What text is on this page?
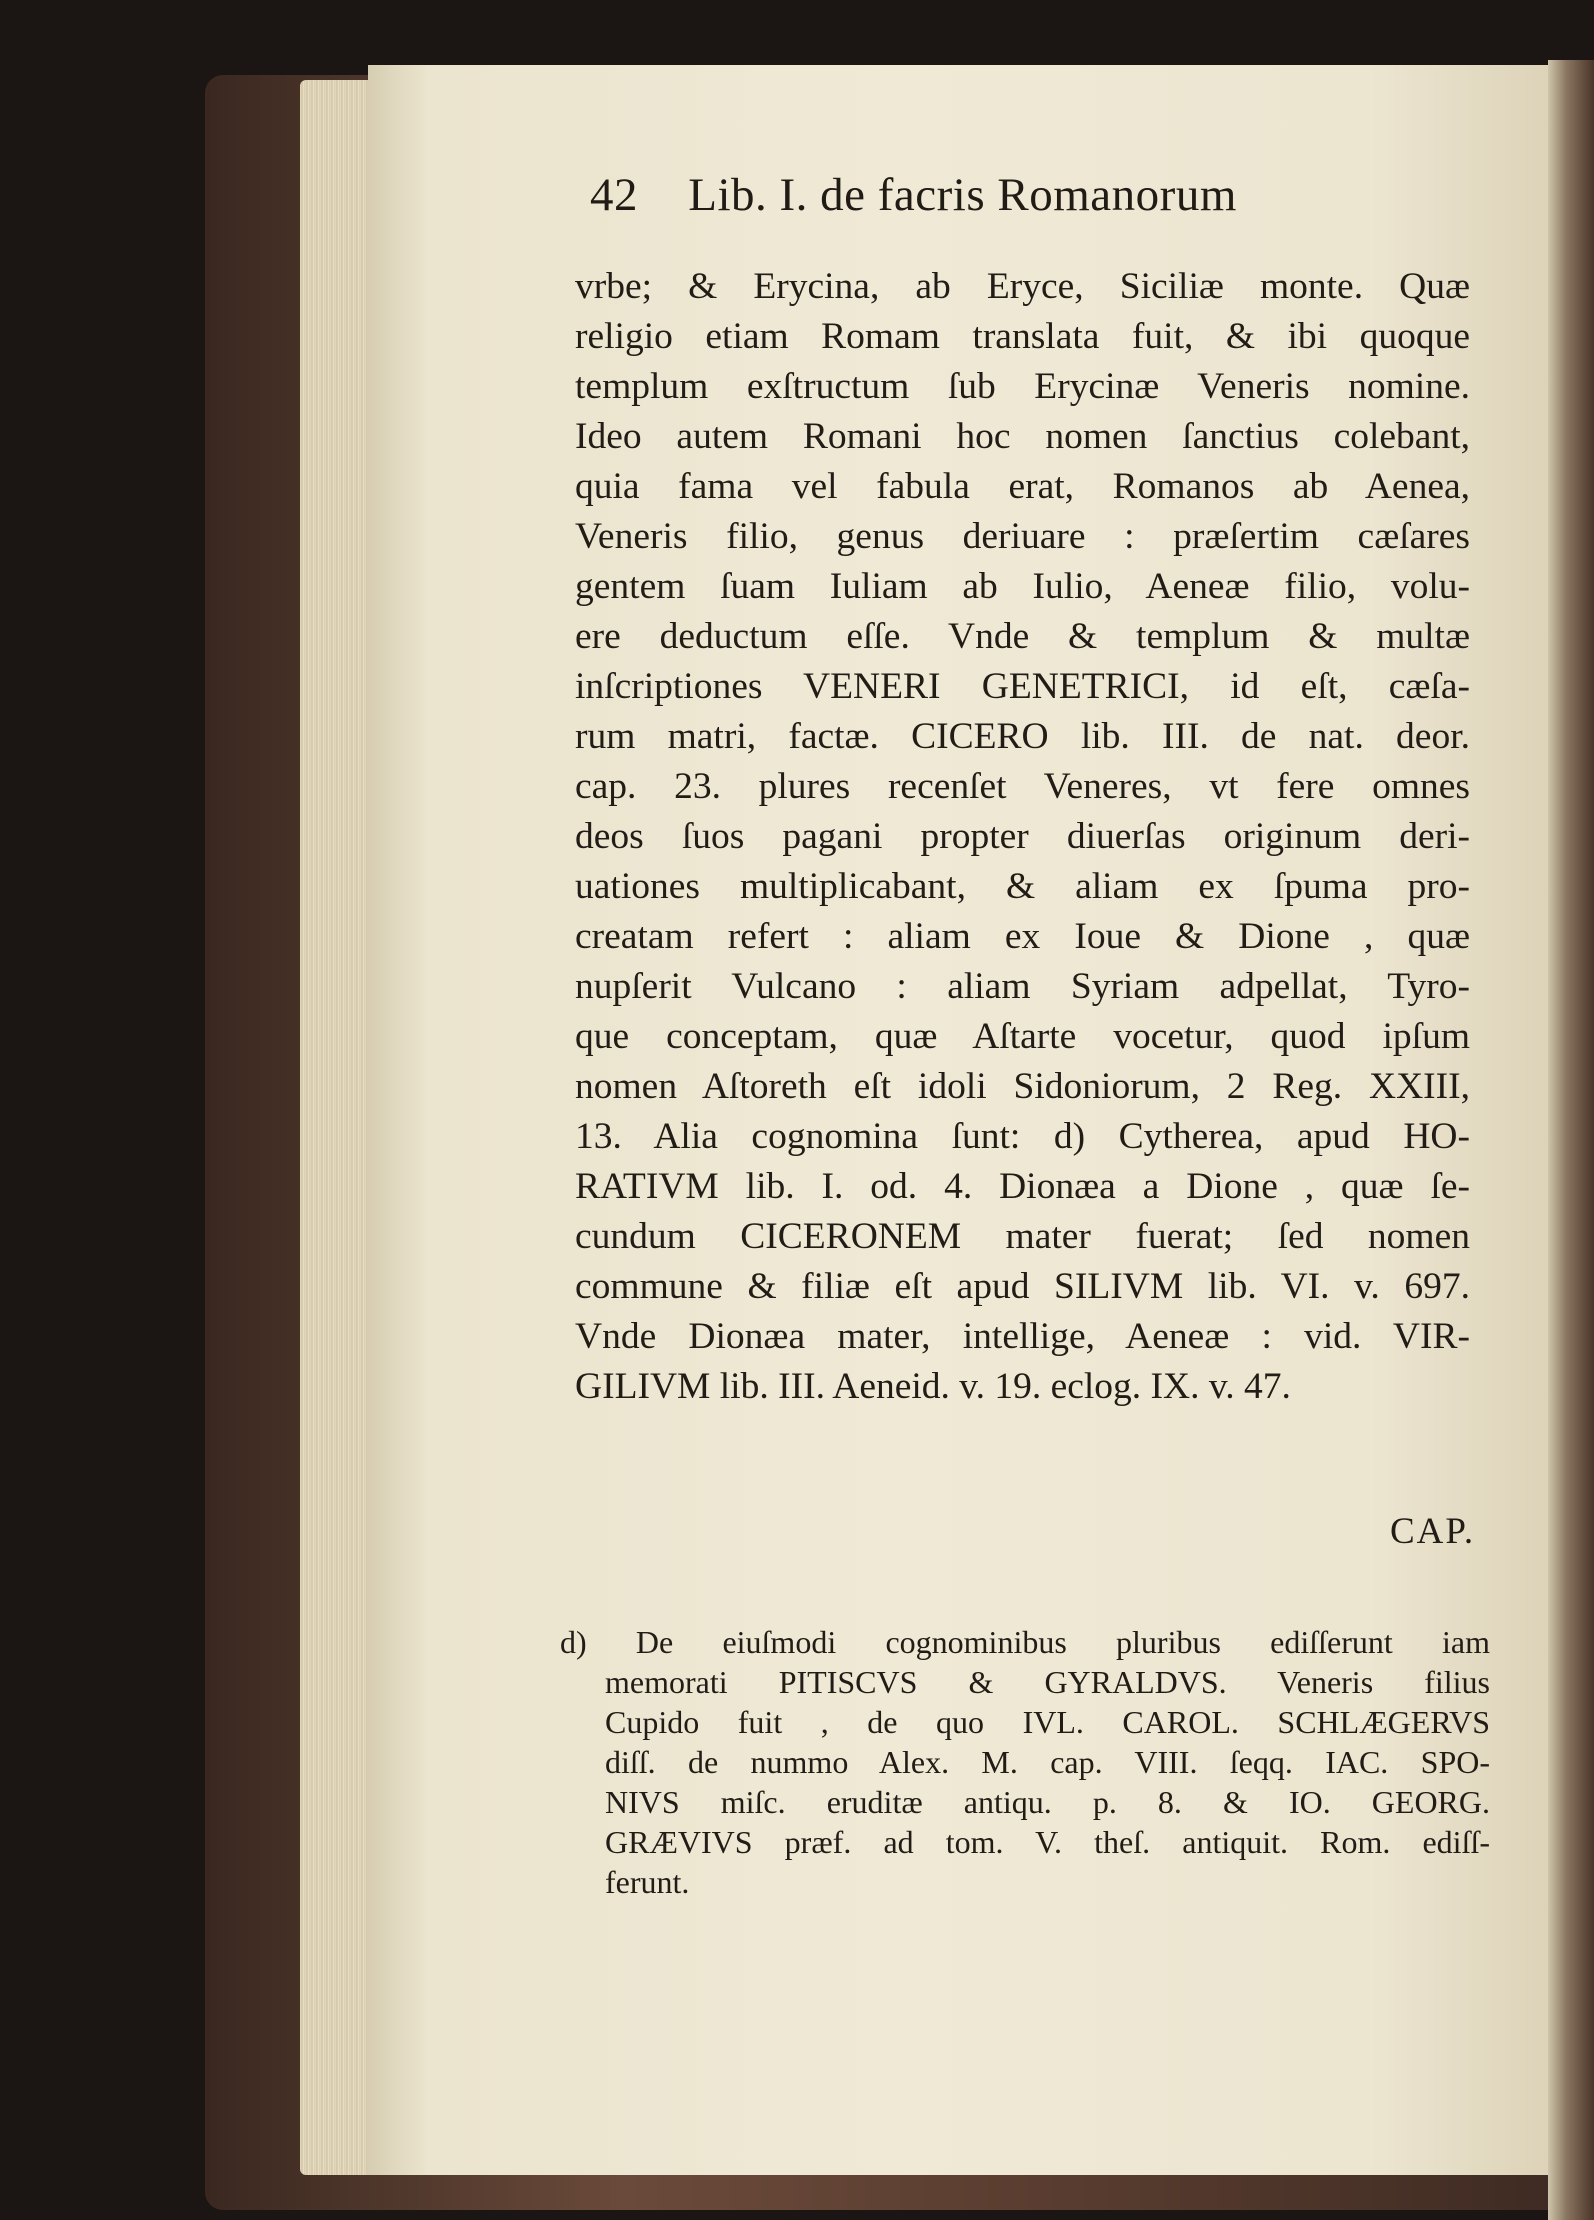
42 Lib. I. de facris Romanorum
vrbe; & Erycina, ab Eryce, Siciliæ monte. Quæ
religio etiam Romam translata fuit, & ibi quoque
templum exſtructum ſub Erycinæ Veneris nomine.
Ideo autem Romani hoc nomen ſanctius colebant,
quia fama vel fabula erat, Romanos ab Aenea,
Veneris filio, genus deriuare : præſertim cæſares
gentem ſuam Iuliam ab Iulio, Aeneæ filio, volu-
ere deductum eſſe. Vnde & templum & multæ
inſcriptiones VENERI GENETRICI, id eſt, cæſa-
rum matri, factæ. CICERO lib. III. de nat. deor.
cap. 23. plures recenſet Veneres, vt fere omnes
deos ſuos pagani propter diuerſas originum deri-
uationes multiplicabant, & aliam ex ſpuma pro-
creatam refert : aliam ex Ioue & Dione , quæ
nupſerit Vulcano : aliam Syriam adpellat, Tyro-
que conceptam, quæ Aſtarte vocetur, quod ipſum
nomen Aſtoreth eſt idoli Sidoniorum, 2 Reg. XXIII,
13. Alia cognomina ſunt: d) Cytherea, apud HO-
RATIVM lib. I. od. 4. Dionæa a Dione , quæ ſe-
cundum CICERONEM mater fuerat; ſed nomen
commune & filiæ eſt apud SILIVM lib. VI. v. 697.
Vnde Dionæa mater, intellige, Aeneæ : vid. VIR-
GILIVM lib. III. Aeneid. v. 19. eclog. IX. v. 47.
CAP.
d) De eiuſmodi cognominibus pluribus ediſſerunt iam
memorati PITISCVS & GYRALDVS. Veneris filius
Cupido fuit , de quo IVL. CAROL. SCHLÆGERVS
diſſ. de nummo Alex. M. cap. VIII. ſeqq. IAC. SPO-
NIVS miſc. eruditæ antiqu. p. 8. & IO. GEORG.
GRÆVIVS præf. ad tom. V. theſ. antiquit. Rom. ediſſ-
ferunt.
